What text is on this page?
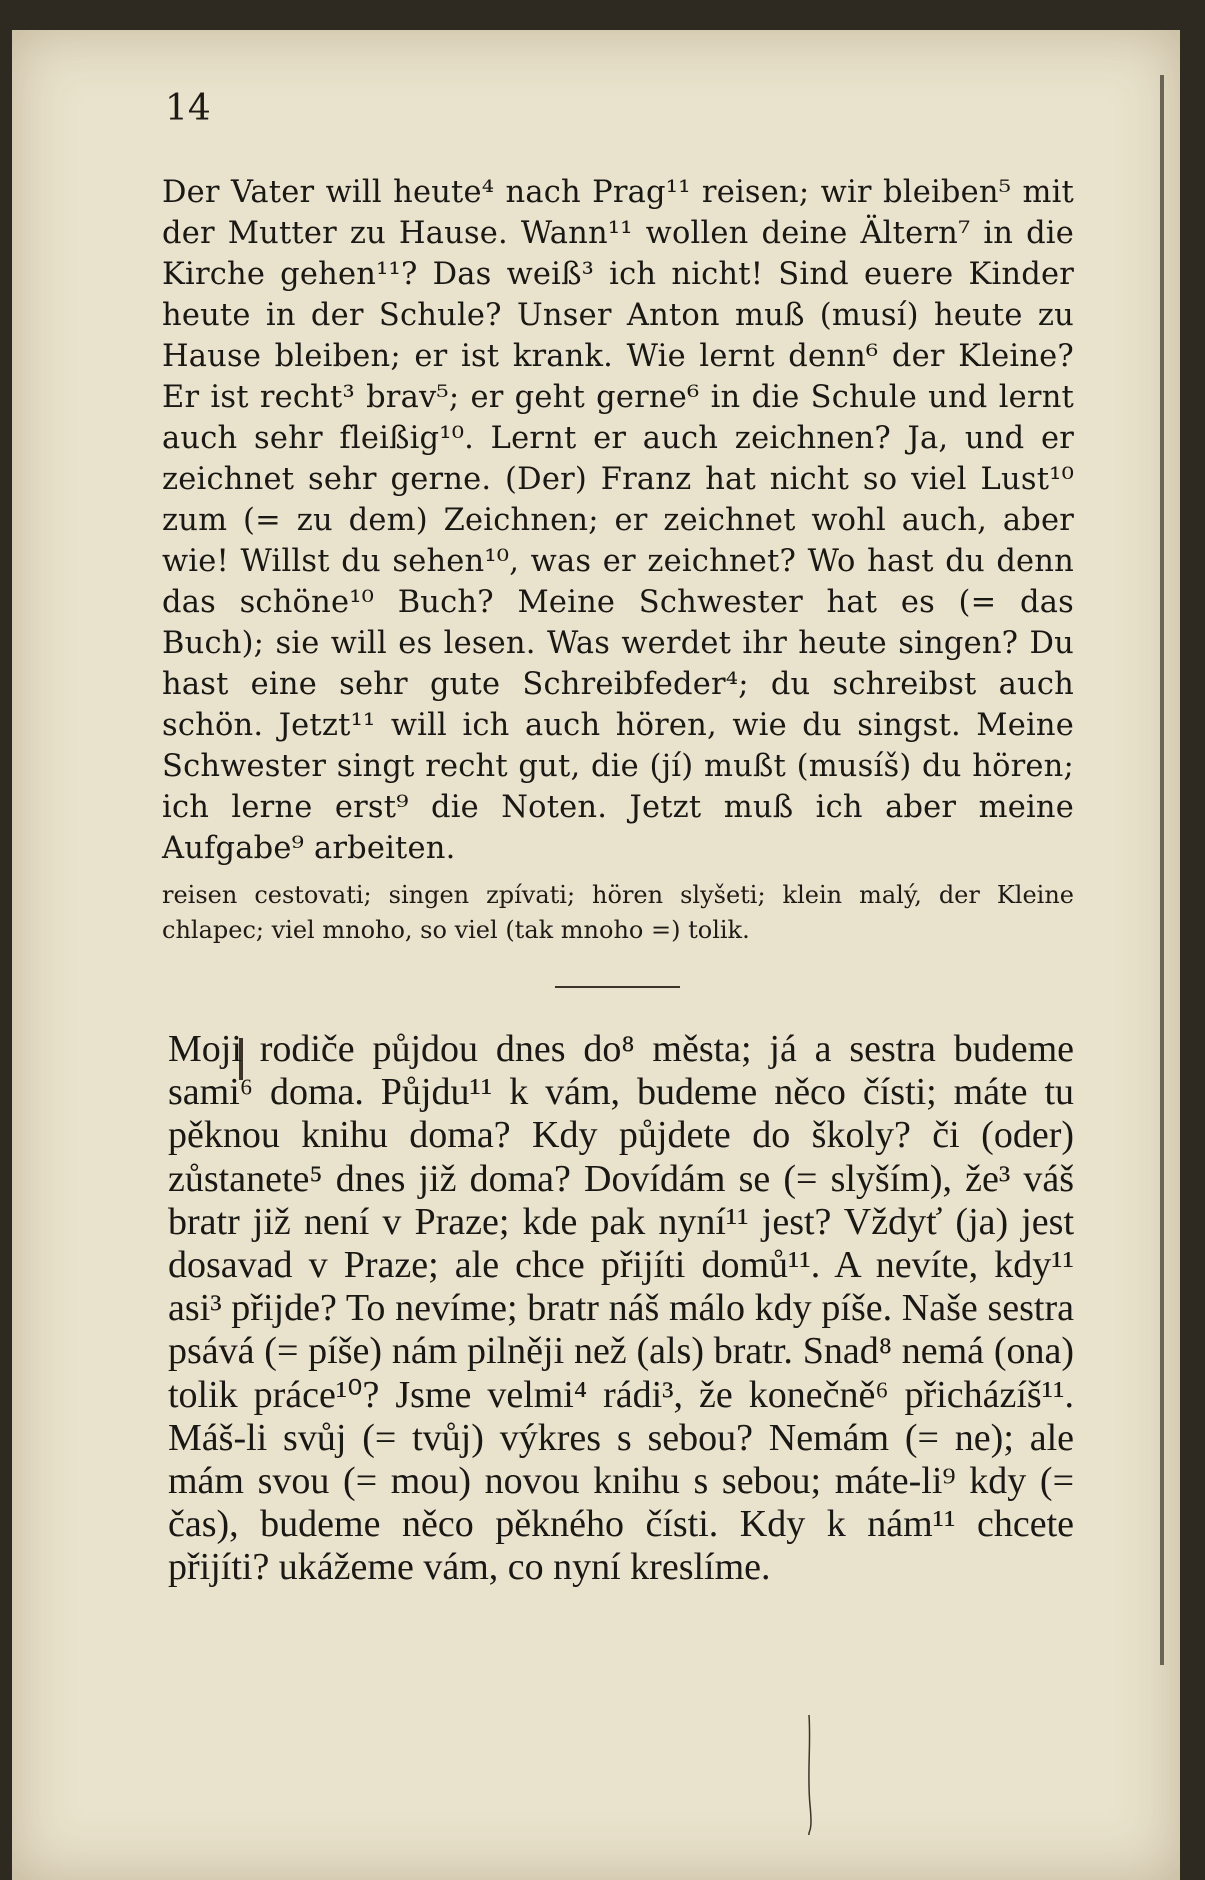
14

Der Vater will heute⁴ nach Prag¹¹ reisen; wir bleiben⁵ mit der Mutter zu Hause. Wann¹¹ wollen deine Ältern⁷ in die Kirche gehen¹¹? Das weiß³ ich nicht! Sind euere Kinder heute in der Schule? Unser Anton muß (musí) heute zu Hause bleiben; er ist krank. Wie lernt denn⁶ der Kleine? Er ist recht³ brav⁵; er geht gerne⁶ in die Schule und lernt auch sehr fleißig¹⁰. Lernt er auch zeichnen? Ja, und er zeichnet sehr gerne. (Der) Franz hat nicht so viel Lust¹⁰ zum (= zu dem) Zeichnen; er zeichnet wohl auch, aber wie! Willst du sehen¹⁰, was er zeichnet? Wo hast du denn das schöne¹⁰ Buch? Meine Schwester hat es (= das Buch); sie will es lesen. Was werdet ihr heute singen? Du hast eine sehr gute Schreibfeder⁴; du schreibst auch schön. Jetzt¹¹ will ich auch hören, wie du singst. Meine Schwester singt recht gut, die (jí) mußt (musíš) du hören; ich lerne erst⁹ die Noten. Jetzt muß ich aber meine Aufgabe⁹ arbeiten.

reisen cestovati; singen zpívati; hören slyšeti; klein malý, der Kleine chlapec; viel mnoho, so viel (tak mnoho =) tolik.

Moji rodiče půjdou dnes do⁸ města; já a sestra budeme sami⁶ doma. Půjdu¹¹ k vám, budeme něco čísti; máte tu pěknou knihu doma? Kdy půjdete do školy? či (oder) zůstanete⁵ dnes již doma? Dovídám se (= slyším), že³ váš bratr již není v Praze; kde pak nyní¹¹ jest? Vždyť (ja) jest dosavad v Praze; ale chce přijíti domů¹¹. A nevíte, kdy¹¹ asi³ přijde? To nevíme; bratr náš málo kdy píše. Naše sestra psává (= píše) nám pilněji než (als) bratr. Snad⁸ nemá (ona) tolik práce¹⁰? Jsme velmi⁴ rádi³, že konečně⁶ přicházíš¹¹. Máš-li svůj (= tvůj) výkres s sebou? Nemám (= ne); ale mám svou (= mou) novou knihu s sebou; máte-li⁹ kdy (= čas), budeme něco pěkného čísti. Kdy k nám¹¹ chcete přijíti? ukážeme vám, co nyní kreslíme.
